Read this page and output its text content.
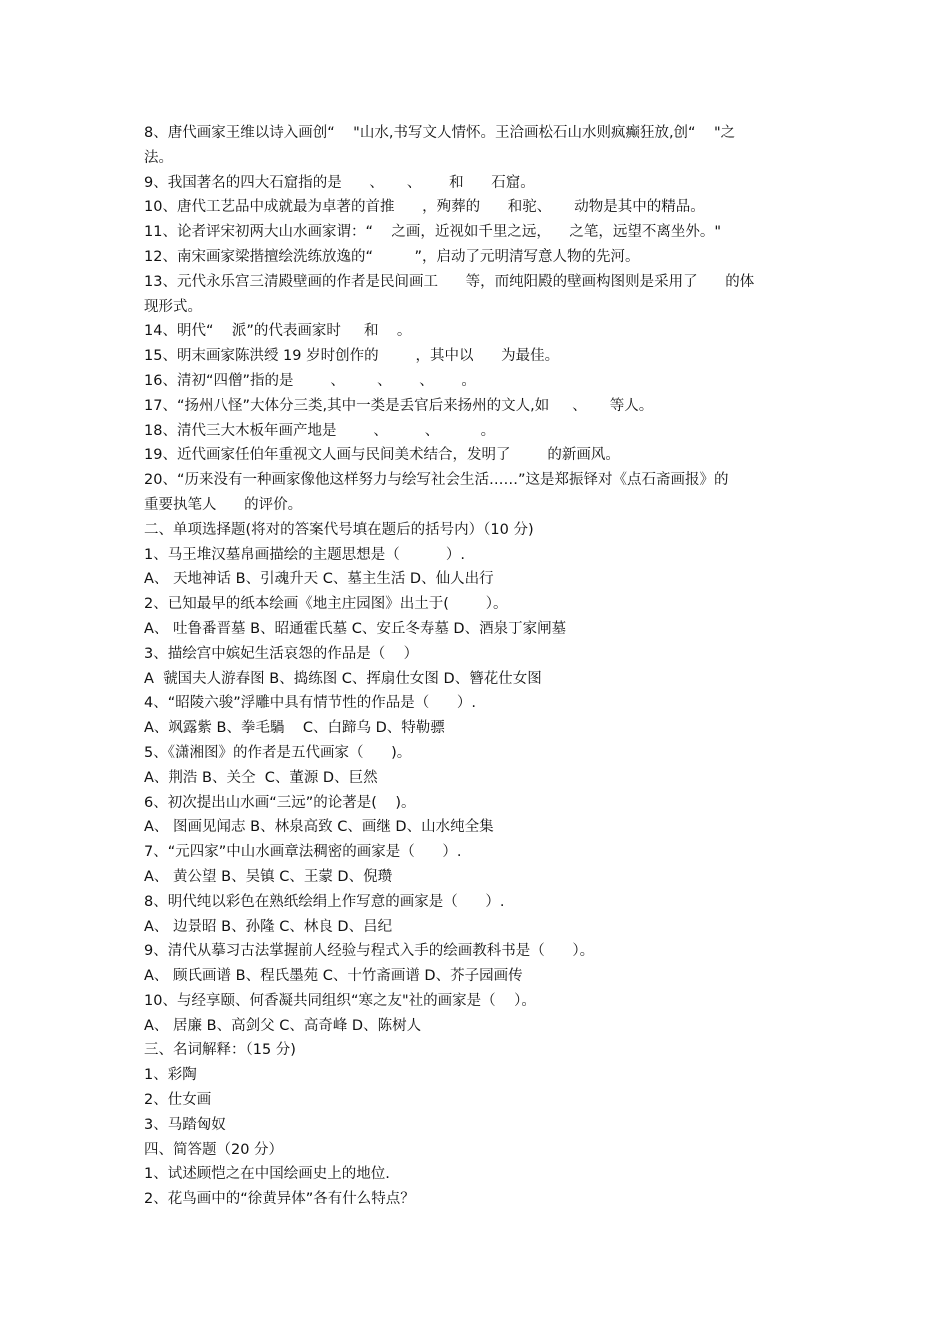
8、唐代画家王维以诗入画创“    "山水,书写文人情怀。王洽画松石山水则疯癫狂放,创“    "之

法。

9、我国著名的四大石窟指的是      、     、      和      石窟。

10、唐代工艺品中成就最为卓著的首推      ，殉葬的      和驼、     动物是其中的精品。

11、论者评宋初两大山水画家谓：“    之画，近视如千里之远，    之笔，远望不离坐外。"

12、南宋画家梁揩擅绘洗练放逸的“         ”，启动了元明清写意人物的先河。

13、元代永乐宫三清殿壁画的作者是民间画工      等，而纯阳殿的壁画构图则是采用了      的体

现形式。

14、明代“    派”的代表画家时     和    。

15、明末画家陈洪绶 19 岁时创作的        ，其中以      为最佳。

16、清初“四僧”指的是        、       、      、      。

17、“扬州八怪”大体分三类,其中一类是丢官后来扬州的文人,如     、     等人。

18、清代三大木板年画产地是        、        、         。

19、近代画家任伯年重视文人画与民间美术结合，发明了        的新画风。

20、“历来没有一种画家像他这样努力与绘写社会生活……”这是郑振铎对《点石斋画报》的

重要执笔人      的评价。

二、单项选择题(将对的答案代号填在题后的括号内）（10 分)

1、马王堆汉墓帛画描绘的主题思想是（          ）.

A、 天地神话 B、引魂升天 C、墓主生活 D、仙人出行

2、已知最早的纸本绘画《地主庄园图》出土于(        ）。

A、 吐鲁番晋墓 B、昭通霍氏墓 C、安丘冬寿墓 D、酒泉丁家闸墓

3、描绘宫中嫔妃生活哀怨的作品是（    ）

A  虢国夫人游春图 B、捣练图 C、挥扇仕女图 D、簪花仕女图

4、“昭陵六骏”浮雕中具有情节性的作品是（      ）.

A、飒露紫 B、拳毛騧    C、白蹄乌 D、特勒骠

5、《潇湘图》的作者是五代画家（      )。

A、荆浩 B、关仝  C、董源 D、巨然

6、初次提出山水画“三远”的论著是(    )。

A、 图画见闻志 B、林泉高致 C、画继 D、山水纯全集

7、“元四家”中山水画章法稠密的画家是（      ）.

A、 黄公望 B、吴镇 C、王蒙 D、倪瓒

8、明代纯以彩色在熟纸绘绢上作写意的画家是（      ）.

A、 边景昭 B、孙隆 C、林良 D、吕纪

9、清代从摹习古法掌握前人经验与程式入手的绘画教科书是（      ）。

A、 顾氏画谱 B、程氏墨苑 C、十竹斋画谱 D、芥子园画传

10、与经享颐、何香凝共同组织“寒之友"社的画家是（    ）。

A、 居廉 B、高剑父 C、高奇峰 D、陈树人

三、名词解释：（15 分)

1、彩陶

2、仕女画

3、马踏匈奴

四、简答题（20 分）

1、试述顾恺之在中国绘画史上的地位.

2、花鸟画中的“徐黄异体”各有什么特点？
